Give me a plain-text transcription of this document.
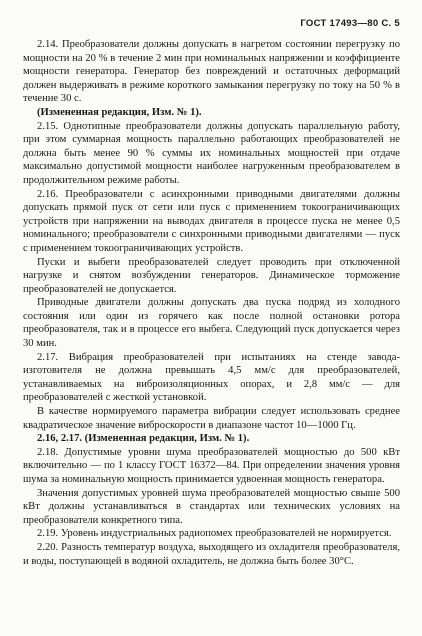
ГОСТ 17493—80 С. 5

2.14. Преобразователи должны допускать в нагретом состоянии перегрузку по мощности на 20 % в течение 2 мин при номинальных напряжении и коэффициенте мощности генератора. Генератор без повреждений и остаточных деформаций должен выдерживать в режиме короткого замыкания перегрузку по току на 50 % в течение 30 с.

(Измененная редакция, Изм. № 1).

2.15. Однотипные преобразователи должны допускать параллельную работу, при этом суммарная мощность параллельно работающих преобразователей не должна быть менее 90 % суммы их номинальных мощностей при отдаче максимально допустимой мощности наиболее нагруженным преобразователем в продолжительном режиме работы.

2.16. Преобразователи с асинхронными приводными двигателями должны допускать прямой пуск от сети или пуск с применением токоограничивающих устройств при напряжении на выводах двигателя в процессе пуска не менее 0,5 номинального; преобразователи с синхронными приводными двигателями — пуск с применением токоограничивающих устройств.

Пуски и выбеги преобразователей следует проводить при отключенной нагрузке и снятом возбуждении генераторов. Динамическое торможение преобразователей не допускается.

Приводные двигатели должны допускать два пуска подряд из холодного состояния или один из горячего как после полной остановки ротора преобразователя, так и в процессе его выбега. Следующий пуск допускается через 30 мин.

2.17. Вибрация преобразователей при испытаниях на стенде завода-изготовителя не должна превышать 4,5 мм/с для преобразователей, устанавливаемых на виброизоляционных опорах, и 2,8 мм/с — для преобразователей с жесткой установкой.

В качестве нормируемого параметра вибрации следует использовать среднее квадратическое значение виброскорости в диапазоне частот 10—1000 Гц.

2.16, 2.17. (Измененная редакция, Изм. № 1).

2.18. Допустимые уровни шума преобразователей мощностью до 500 кВт включительно — по 1 классу ГОСТ 16372—84. При определении значения уровня шума за номинальную мощность принимается удвоенная мощность генератора.

Значения допустимых уровней шума преобразователей мощностью свыше 500 кВт должны устанавливаться в стандартах или технических условиях на преобразователи конкретного типа.

2.19. Уровень индустриальных радиопомех преобразователей не нормируется.

2.20. Разность температур воздуха, выходящего из охладителя преобразователя, и воды, поступающей в водяной охладитель, не должна быть более 30°С.
